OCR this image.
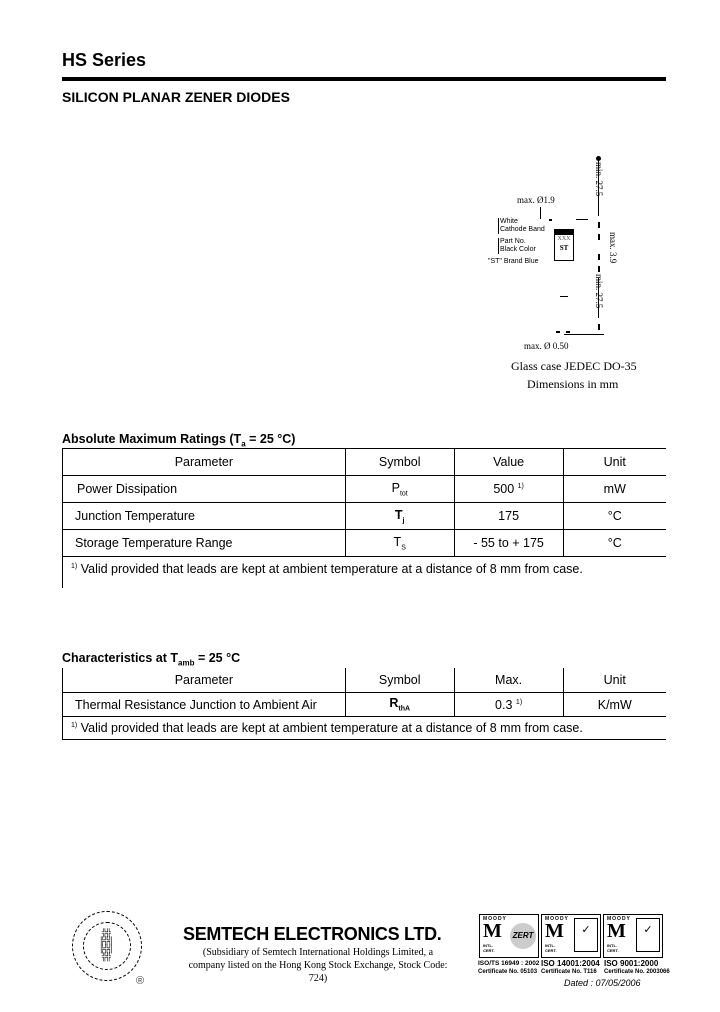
HS Series
SILICON PLANAR ZENER DIODES
min. 27.5
min. 27.5
max. 3.9
max. Ø1.9
White
Cathode Band
Part No.
Black Color
"ST" Brand Blue
XXX
ST
max. Ø 0.50
Glass case JEDEC DO-35
Dimensions in mm
Absolute Maximum Ratings ($T_a = 25$ °C)
Parameter	Symbol	Value	Unit
Power Dissipation	$P_{tot}$	500 $^{1)}$	mW
Junction Temperature	$T_j$	175	°C
Storage Temperature Range	$T_S$	- 55 to + 175	°C
$^{1)}$ Valid provided that leads are kept at ambient temperature at a distance of 8 mm from case.			
Characteristics at $T_{amb} = 25$ °C
Parameter	Symbol	Max.	Unit
Thermal Resistance Junction to Ambient Air	$R_{thA}$	0.3 $^{1)}$	K/mW
$^{1)}$ Valid provided that leads are kept at ambient temperature at a distance of 8 mm from case.			
╬╬
╠╬╣
╠╬╣
╬╬
®
SEMTECH ELECTRONICS LTD.
(Subsidiary of Semtech International Holdings Limited, a company listed on the Hong Kong Stock Exchange, Stock Code: 724)
MOODY
M
INTL.
CERT.
ZERT
MOODY
M
INTL.
CERT.
✓
MOODY
M
INTL.
CERT.
✓
ISO/TS 16949 : 2002
Certificate No. 05103
ISO 14001:2004
Certificate No. T116
ISO 9001:2000
Certificate No. 2003066
Dated : 07/05/2006
